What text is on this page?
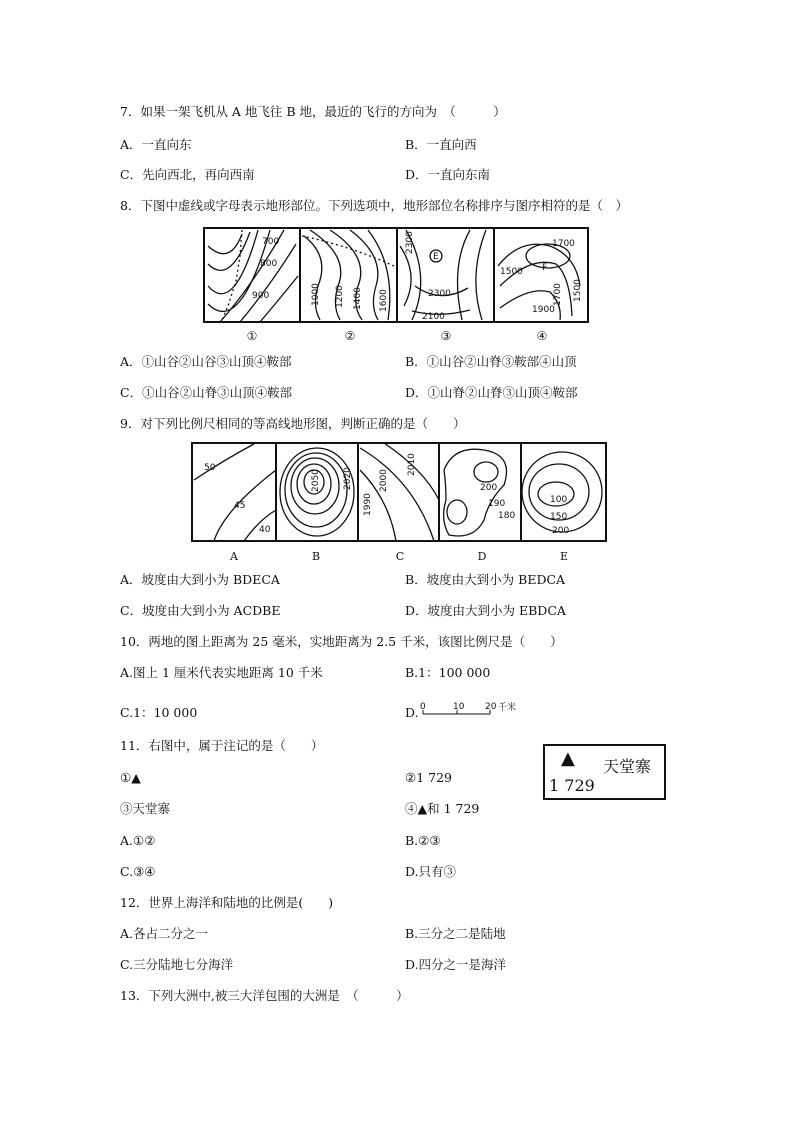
7．如果一架飞机从 A 地飞往 B 地，最近的飞行的方向为　（　　　）
A．一直向东	B．一直向西
C．先向西北，再向西南	D．一直向东南
8．下图中虚线或字母表示地形部位。下列选项中，地形部位名称排序与图序相符的是（　）
700
800
900	1000 1200 1400 1600
2300
E
2300
2100
1700
F
1500
1900
1700 1500
①	②	③	④
A．①山谷②山谷③山顶④鞍部	B．①山谷②山脊③鞍部④山顶
C．①山谷②山脊③山顶④鞍部	D．①山脊②山脊③山顶④鞍部
9．对下列比例尺相同的等高线地形图，判断正确的是（　　）
50
45
40
2050 2020
2010
2000
1990
200
190
180
100
150
200
A	B	C	D	E
A．坡度由大到小为 BDECA	B．坡度由大到小为 BEDCA
C．坡度由大到小为 ACDBE	D．坡度由大到小为 EBDCA
10．两地的图上距离为 25 毫米，实地距离为 2.5 千米，该图比例尺是（　　）
A.图上 1 厘米代表实地距离 10 千米	B.1：100 000
C.1：10 000	D. 0	10 20 千米
11．右图中，属于注记的是（　　）
①▲	②1 729
③天堂寨	④▲和 1 729
A.①②	B.②③
C.③④	D.只有③
▲ 天堂寨
1 729
12．世界上海洋和陆地的比例是(　　)
A.各占二分之一	B.三分之二是陆地
C.三分陆地七分海洋	D.四分之一是海洋
13．下列大洲中,被三大洋包围的大洲是　（　　　）
